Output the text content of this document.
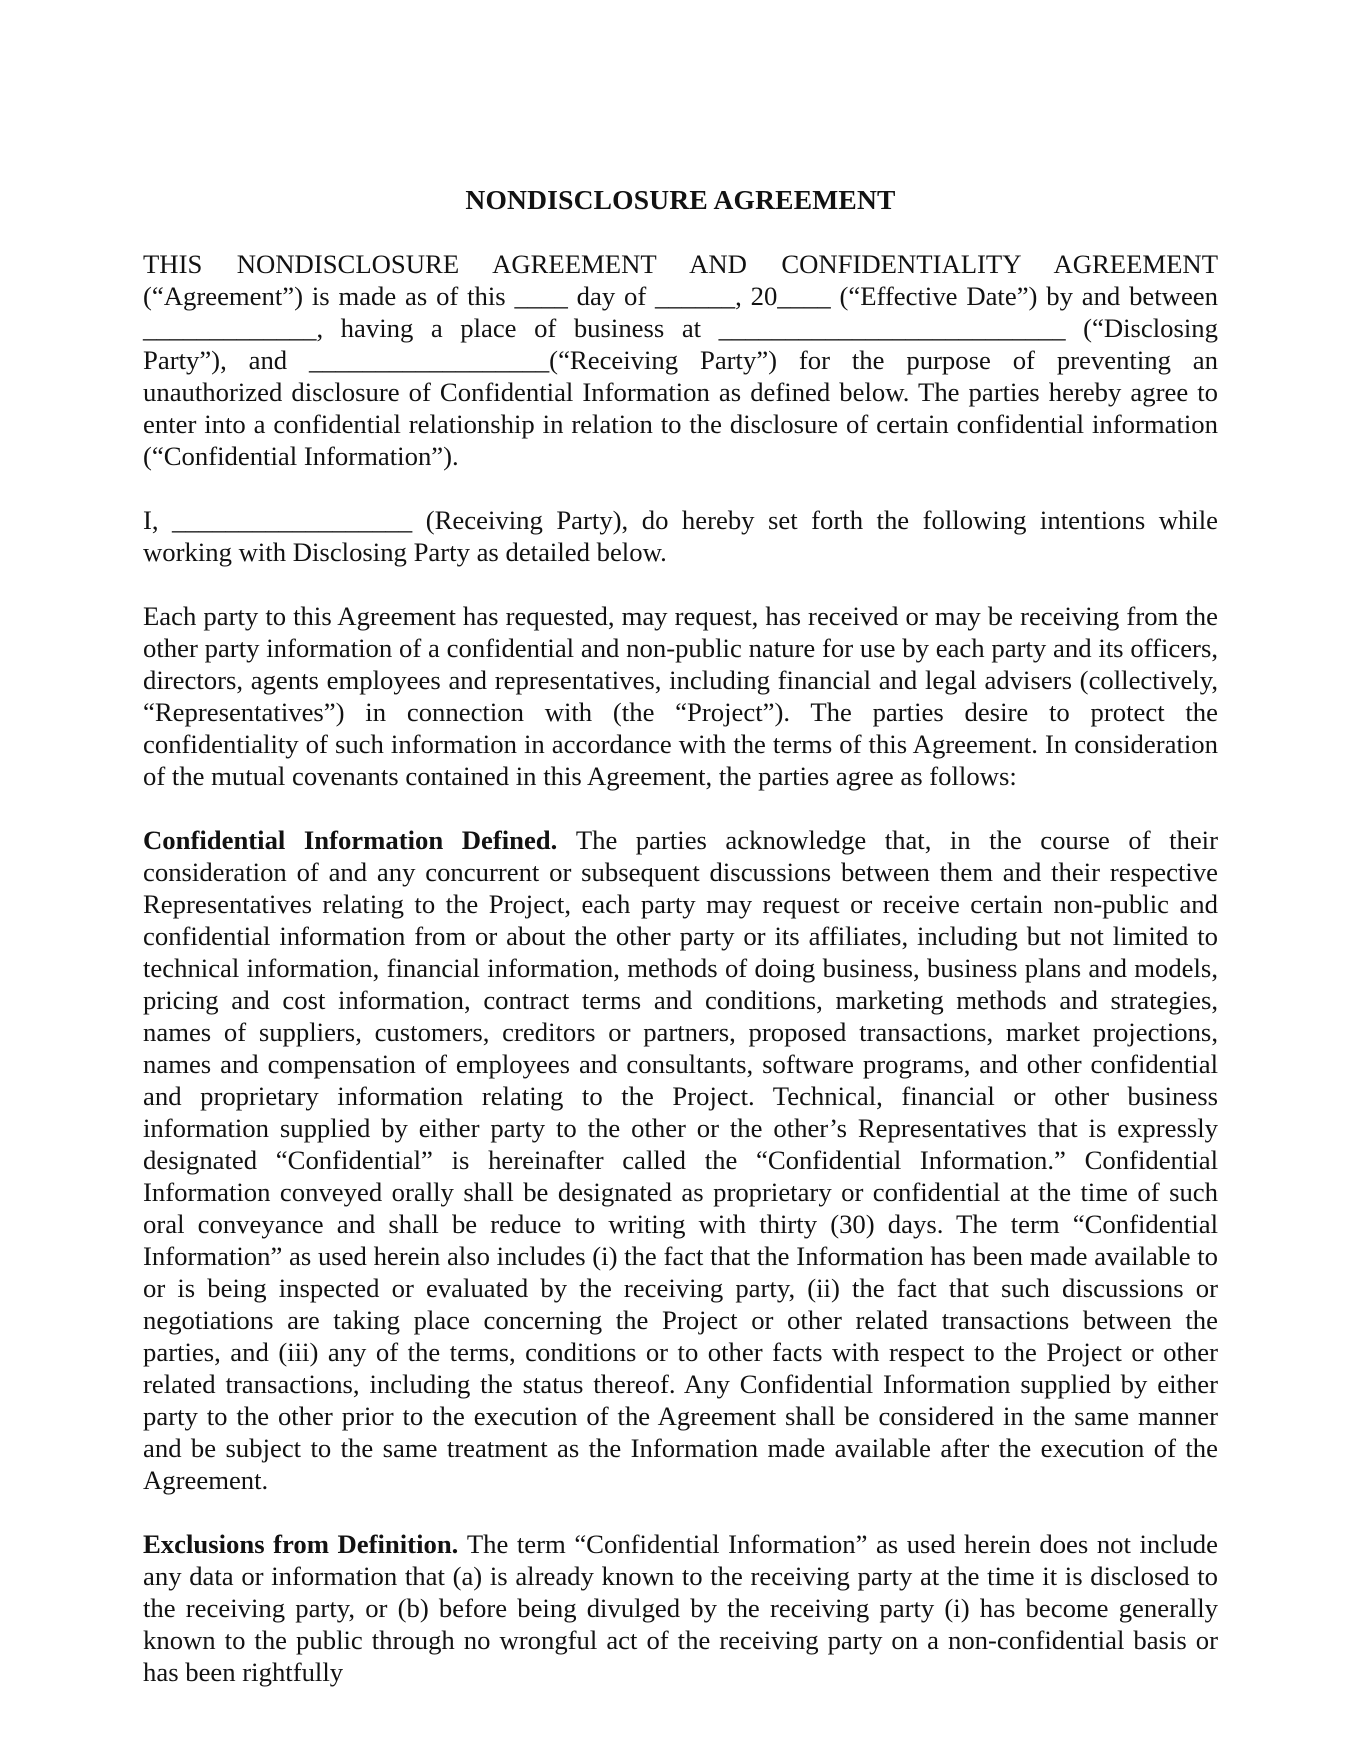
NONDISCLOSURE AGREEMENT

THIS NONDISCLOSURE AGREEMENT AND CONFIDENTIALITY AGREEMENT (“Agreement”) is made as of this ____ day of ______, 20____ (“Effective Date”) by and between _____________, having a place of business at __________________________ (“Disclosing Party”), and __________________(“Receiving Party”) for the purpose of preventing an unauthorized disclosure of Confidential Information as defined below. The parties hereby agree to enter into a confidential relationship in relation to the disclosure of certain confidential information (“Confidential Information”).

I, __________________ (Receiving Party), do hereby set forth the following intentions while working with Disclosing Party as detailed below.

Each party to this Agreement has requested, may request, has received or may be receiving from the other party information of a confidential and non-public nature for use by each party and its officers, directors, agents employees and representatives, including financial and legal advisers (collectively, “Representatives”) in connection with (the “Project”). The parties desire to protect the confidentiality of such information in accordance with the terms of this Agreement. In consideration of the mutual covenants contained in this Agreement, the parties agree as follows:

Confidential Information Defined. The parties acknowledge that, in the course of their consideration of and any concurrent or subsequent discussions between them and their respective Representatives relating to the Project, each party may request or receive certain non-public and confidential information from or about the other party or its affiliates, including but not limited to technical information, financial information, methods of doing business, business plans and models, pricing and cost information, contract terms and conditions, marketing methods and strategies, names of suppliers, customers, creditors or partners, proposed transactions, market projections, names and compensation of employees and consultants, software programs, and other confidential and proprietary information relating to the Project. Technical, financial or other business information supplied by either party to the other or the other’s Representatives that is expressly designated “Confidential” is hereinafter called the “Confidential Information.” Confidential Information conveyed orally shall be designated as proprietary or confidential at the time of such oral conveyance and shall be reduce to writing with thirty (30) days. The term “Confidential Information” as used herein also includes (i) the fact that the Information has been made available to or is being inspected or evaluated by the receiving party, (ii) the fact that such discussions or negotiations are taking place concerning the Project or other related transactions between the parties, and (iii) any of the terms, conditions or to other facts with respect to the Project or other related transactions, including the status thereof. Any Confidential Information supplied by either party to the other prior to the execution of the Agreement shall be considered in the same manner and be subject to the same treatment as the Information made available after the execution of the Agreement.

Exclusions from Definition. The term “Confidential Information” as used herein does not include any data or information that (a) is already known to the receiving party at the time it is disclosed to the receiving party, or (b) before being divulged by the receiving party (i) has become generally known to the public through no wrongful act of the receiving party on a non-confidential basis or has been rightfully
